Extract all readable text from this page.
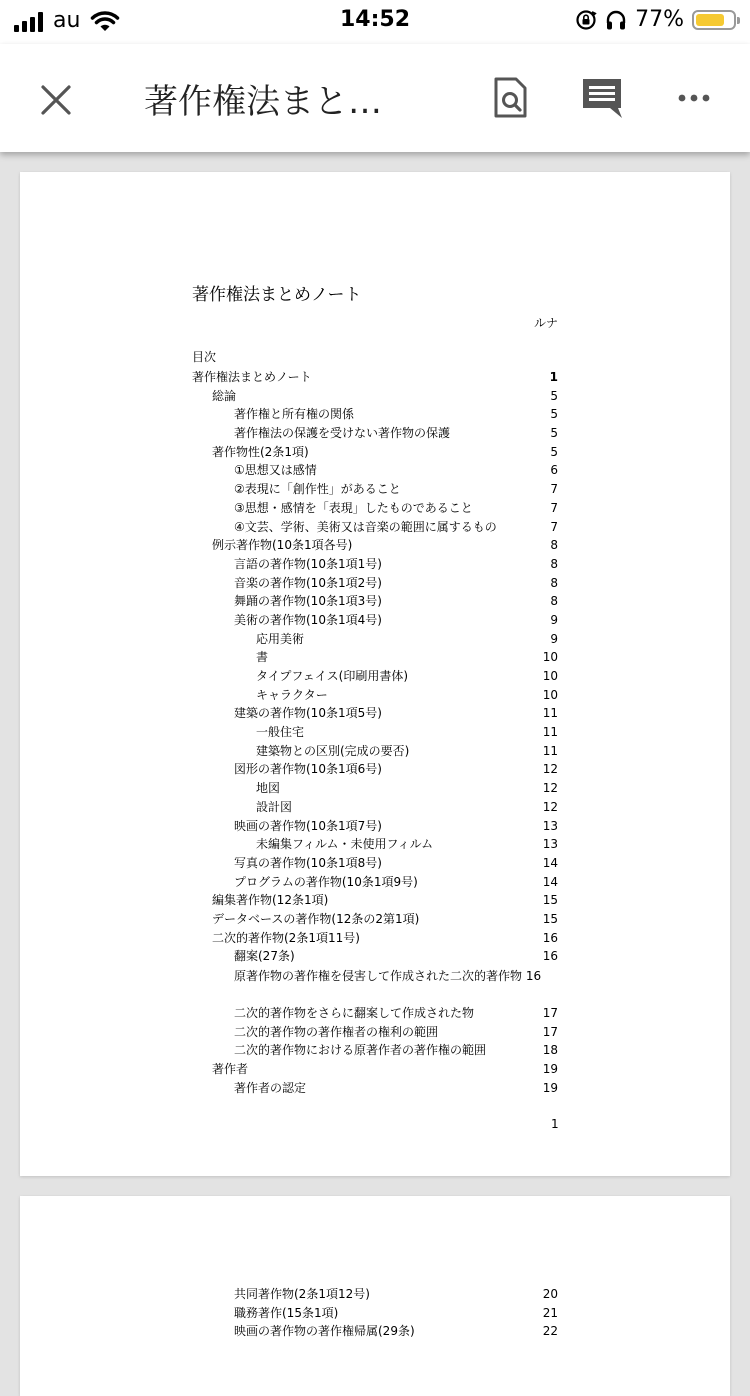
au	14:52	77%
著作権法まと…
著作権法まとめノート
ルナ
目次
著作権法まとめノート	1
総論	5
著作権と所有権の関係	5
著作権法の保護を受けない著作物の保護	5
著作物性(2条1項)	5
①思想又は感情	6
②表現に「創作性」があること	7
③思想・感情を「表現」したものであること	7
④文芸、学術、美術又は音楽の範囲に属するもの	7
例示著作物(10条1項各号)	8
言語の著作物(10条1項1号)	8
音楽の著作物(10条1項2号)	8
舞踊の著作物(10条1項3号)	8
美術の著作物(10条1項4号)	9
応用美術	9
書	10
タイプフェイス(印刷用書体)	10
キャラクター	10
建築の著作物(10条1項5号)	11
一般住宅	11
建築物との区別(完成の要否)	11
図形の著作物(10条1項6号)	12
地図	12
設計図	12
映画の著作物(10条1項7号)	13
未編集フィルム・未使用フィルム	13
写真の著作物(10条1項8号)	14
プログラムの著作物(10条1項9号)	14
編集著作物(12条1項)	15
データベースの著作物(12条の2第1項)	15
二次的著作物(2条1項11号)	16
翻案(27条)	16
原著作物の著作権を侵害して作成された二次的著作物 16
二次的著作物をさらに翻案して作成された物	17
二次的著作物の著作権者の権利の範囲	17
二次的著作物における原著作者の著作権の範囲	18
著作者	19
著作者の認定	19
1
共同著作物(2条1項12号)	20
職務著作(15条1項)	21
映画の著作物の著作権帰属(29条)	22
